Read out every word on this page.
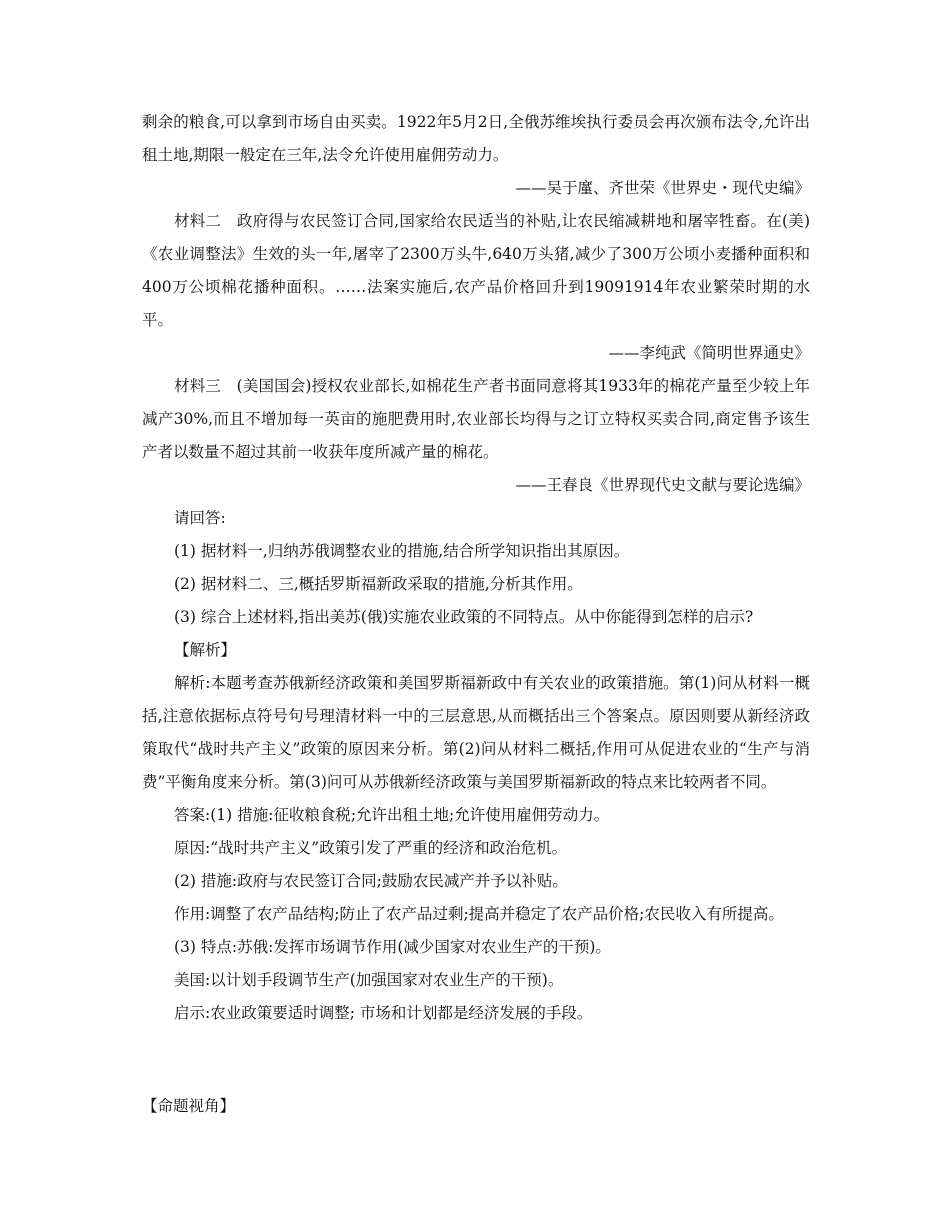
剩余的粮食,可以拿到市场自由买卖。1922年5月2日,全俄苏维埃执行委员会再次颁布法令,允许出租土地,期限一般定在三年,法令允许使用雇佣劳动力。

——吴于廑、齐世荣《世界史・现代史编》

材料二　政府得与农民签订合同,国家给农民适当的补贴,让农民缩减耕地和屠宰牲畜。在(美)《农业调整法》生效的头一年,屠宰了2300万头牛,640万头猪,减少了300万公顷小麦播种面积和400万公顷棉花播种面积。……法案实施后,农产品价格回升到19091914年农业繁荣时期的水平。

——李纯武《简明世界通史》

材料三　(美国国会)授权农业部长,如棉花生产者书面同意将其1933年的棉花产量至少较上年减产30%,而且不增加每一英亩的施肥费用时,农业部长均得与之订立特权买卖合同,商定售予该生产者以数量不超过其前一收获年度所减产量的棉花。

——王春良《世界现代史文献与要论选编》

请回答:

(1) 据材料一,归纳苏俄调整农业的措施,结合所学知识指出其原因。

(2) 据材料二、三,概括罗斯福新政采取的措施,分析其作用。

(3) 综合上述材料,指出美苏(俄)实施农业政策的不同特点。从中你能得到怎样的启示?

【解析】

解析:本题考查苏俄新经济政策和美国罗斯福新政中有关农业的政策措施。第(1)问从材料一概括,注意依据标点符号句号理清材料一中的三层意思,从而概括出三个答案点。原因则要从新经济政策取代“战时共产主义”政策的原因来分析。第(2)问从材料二概括,作用可从促进农业的“生产与消费”平衡角度来分析。第(3)问可从苏俄新经济政策与美国罗斯福新政的特点来比较两者不同。

答案:(1) 措施:征收粮食税;允许出租土地;允许使用雇佣劳动力。

原因:“战时共产主义”政策引发了严重的经济和政治危机。

(2) 措施:政府与农民签订合同;鼓励农民减产并予以补贴。

作用:调整了农产品结构;防止了农产品过剩;提高并稳定了农产品价格;农民收入有所提高。

(3) 特点:苏俄:发挥市场调节作用(减少国家对农业生产的干预)。

美国:以计划手段调节生产(加强国家对农业生产的干预)。

启示:农业政策要适时调整; 市场和计划都是经济发展的手段。

【命题视角】
